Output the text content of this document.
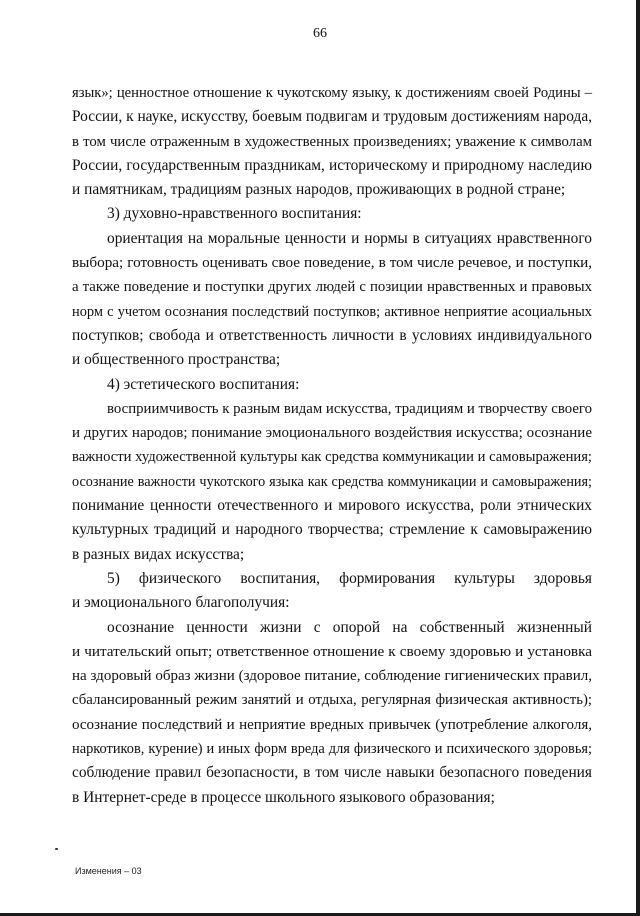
66
язык»; ценностное отношение к чукотскому языку, к достижениям своей Родины –
России, к науке, искусству, боевым подвигам и трудовым достижениям народа,
в том числе отраженным в художественных произведениях; уважение к символам
России, государственным праздникам, историческому и природному наследию
и памятникам, традициям разных народов, проживающих в родной стране;
3) духовно-нравственного воспитания:
ориентация на моральные ценности и нормы в ситуациях нравственного
выбора; готовность оценивать свое поведение, в том числе речевое, и поступки,
а также поведение и поступки других людей с позиции нравственных и правовых
норм с учетом осознания последствий поступков; активное неприятие асоциальных
поступков; свобода и ответственность личности в условиях индивидуального
и общественного пространства;
4) эстетического воспитания:
восприимчивость к разным видам искусства, традициям и творчеству своего
и других народов; понимание эмоционального воздействия искусства; осознание
важности художественной культуры как средства коммуникации и самовыражения;
осознание важности чукотского языка как средства коммуникации и самовыражения;
понимание ценности отечественного и мирового искусства, роли этнических
культурных традиций и народного творчества; стремление к самовыражению
в разных видах искусства;
5) физического воспитания, формирования культуры здоровья
и эмоционального благополучия:
осознание ценности жизни с опорой на собственный жизненный
и читательский опыт; ответственное отношение к своему здоровью и установка
на здоровый образ жизни (здоровое питание, соблюдение гигиенических правил,
сбалансированный режим занятий и отдыха, регулярная физическая активность);
осознание последствий и неприятие вредных привычек (употребление алкоголя,
наркотиков, курение) и иных форм вреда для физического и психического здоровья;
соблюдение правил безопасности, в том числе навыки безопасного поведения
в Интернет-среде в процессе школьного языкового образования;
Изменения – 03
